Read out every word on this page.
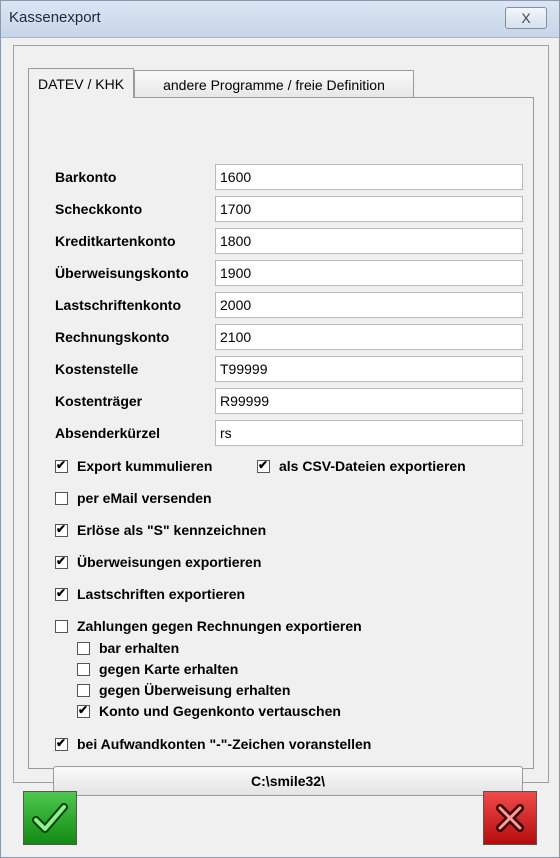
Kassenexport	X
DATEV / KHK	andere Programme / freie Definition
Barkonto	1600
Scheckkonto	1700
Kreditkartenkonto	1800
Überweisungskonto	1900
Lastschriftenkonto	2000
Rechnungskonto	2100
Kostenstelle	T99999
Kostenträger	R99999
Absenderkürzel	rs
✔
Export kummulieren ✔	als CSV-Dateien exportieren
per eMail versenden
✔
Erlöse als "S" kennzeichnen
✔
Überweisungen exportieren
✔
Lastschriften exportieren
Zahlungen gegen Rechnungen exportieren
bar erhalten
gegen Karte erhalten
gegen Überweisung erhalten
✔
Konto und Gegenkonto vertauschen
✔
bei Aufwandkonten "-"-Zeichen voranstellen
C:\smile32\
